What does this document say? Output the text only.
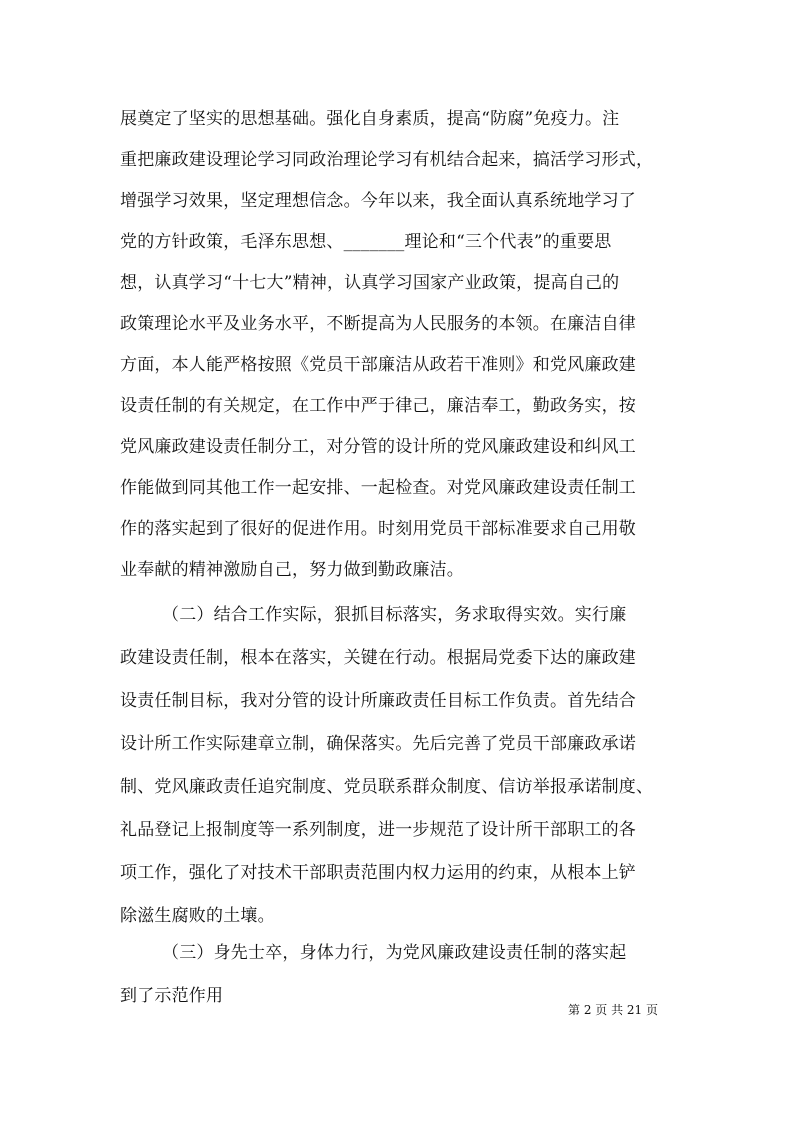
展奠定了坚实的思想基础。强化自身素质，提高“防腐”免疫力。注
重把廉政建设理论学习同政治理论学习有机结合起来，搞活学习形式，
增强学习效果，坚定理想信念。今年以来，我全面认真系统地学习了
党的方针政策，毛泽东思想、_______理论和“三个代表”的重要思
想，认真学习“十七大”精神，认真学习国家产业政策，提高自己的
政策理论水平及业务水平，不断提高为人民服务的本领。在廉洁自律
方面，本人能严格按照《党员干部廉洁从政若干准则》和党风廉政建
设责任制的有关规定，在工作中严于律己，廉洁奉工，勤政务实，按
党风廉政建设责任制分工，对分管的设计所的党风廉政建设和纠风工
作能做到同其他工作一起安排、一起检查。对党风廉政建设责任制工
作的落实起到了很好的促进作用。时刻用党员干部标准要求自己用敬
业奉献的精神激励自己，努力做到勤政廉洁。
（二）结合工作实际，狠抓目标落实，务求取得实效。实行廉
政建设责任制，根本在落实，关键在行动。根据局党委下达的廉政建
设责任制目标，我对分管的设计所廉政责任目标工作负责。首先结合
设计所工作实际建章立制，确保落实。先后完善了党员干部廉政承诺
制、党风廉政责任追究制度、党员联系群众制度、信访举报承诺制度、
礼品登记上报制度等一系列制度，进一步规范了设计所干部职工的各
项工作，强化了对技术干部职责范围内权力运用的约束，从根本上铲
除滋生腐败的土壤。
（三）身先士卒，身体力行，为党风廉政建设责任制的落实起
到了示范作用
第 2 页 共 21 页
